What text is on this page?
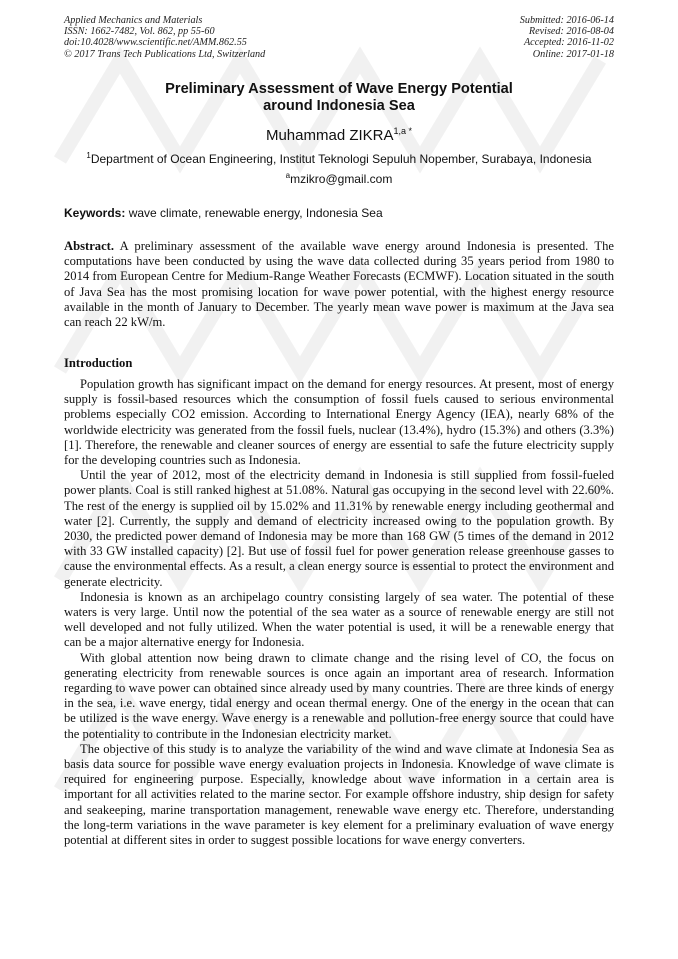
Applied Mechanics and Materials
ISSN: 1662-7482, Vol. 862, pp 55-60
doi:10.4028/www.scientific.net/AMM.862.55
© 2017 Trans Tech Publications Ltd, Switzerland
Submitted: 2016-06-14
Revised: 2016-08-04
Accepted: 2016-11-02
Online: 2017-01-18
Preliminary Assessment of Wave Energy Potential
around Indonesia Sea
Muhammad $ZIKRA^{1,a *}$
$^1$Department of Ocean Engineering, Institut Teknologi Sepuluh Nopember, Surabaya, Indonesia
$^a$mzikro@gmail.com
Keywords: wave climate, renewable energy, Indonesia Sea
Abstract. A preliminary assessment of the available wave energy around Indonesia is presented. The computations have been conducted by using the wave data collected during 35 years period from 1980 to 2014 from European Centre for Medium-Range Weather Forecasts (ECMWF). Location situated in the south of Java Sea has the most promising location for wave power potential, with the highest energy resource available in the month of January to December. The yearly mean wave power is maximum at the Java sea can reach 22 kW/m.
Introduction

Population growth has significant impact on the demand for energy resources. At present, most of energy supply is fossil-based resources which the consumption of fossil fuels caused to serious environmental problems especially CO2 emission. According to International Energy Agency (IEA), nearly 68% of the worldwide electricity was generated from the fossil fuels, nuclear (13.4%), hydro (15.3%) and others (3.3%) [1]. Therefore, the renewable and cleaner sources of energy are essential to safe the future electricity supply for the developing countries such as Indonesia.

Until the year of 2012, most of the electricity demand in Indonesia is still supplied from fossil-fueled power plants. Coal is still ranked highest at 51.08%. Natural gas occupying in the second level with 22.60%. The rest of the energy is supplied oil by 15.02% and 11.31% by renewable energy including geothermal and water [2]. Currently, the supply and demand of electricity increased owing to the population growth. By 2030, the predicted power demand of Indonesia may be more than 168 GW (5 times of the demand in 2012 with 33 GW installed capacity) [2]. But use of fossil fuel for power generation release greenhouse gasses to cause the environmental effects. As a result, a clean energy source is essential to protect the environment and generate electricity.

Indonesia is known as an archipelago country consisting largely of sea water. The potential of these waters is very large. Until now the potential of the sea water as a source of renewable energy are still not well developed and not fully utilized. When the water potential is used, it will be a renewable energy that can be a major alternative energy for Indonesia.

With global attention now being drawn to climate change and the rising level of CO, the focus on generating electricity from renewable sources is once again an important area of research. Information regarding to wave power can obtained since already used by many countries. There are three kinds of energy in the sea, i.e. wave energy, tidal energy and ocean thermal energy. One of the energy in the ocean that can be utilized is the wave energy. Wave energy is a renewable and pollution-free energy source that could have the potentiality to contribute in the Indonesian electricity market.

The objective of this study is to analyze the variability of the wind and wave climate at Indonesia Sea as basis data source for possible wave energy evaluation projects in Indonesia. Knowledge of wave climate is required for engineering purpose. Especially, knowledge about wave information in a certain area is important for all activities related to the marine sector. For example offshore industry, ship design for safety and seakeeping, marine transportation management, renewable wave energy etc. Therefore, understanding the long-term variations in the wave parameter is key element for a preliminary evaluation of wave energy potential at different sites in order to suggest possible locations for wave energy converters.
